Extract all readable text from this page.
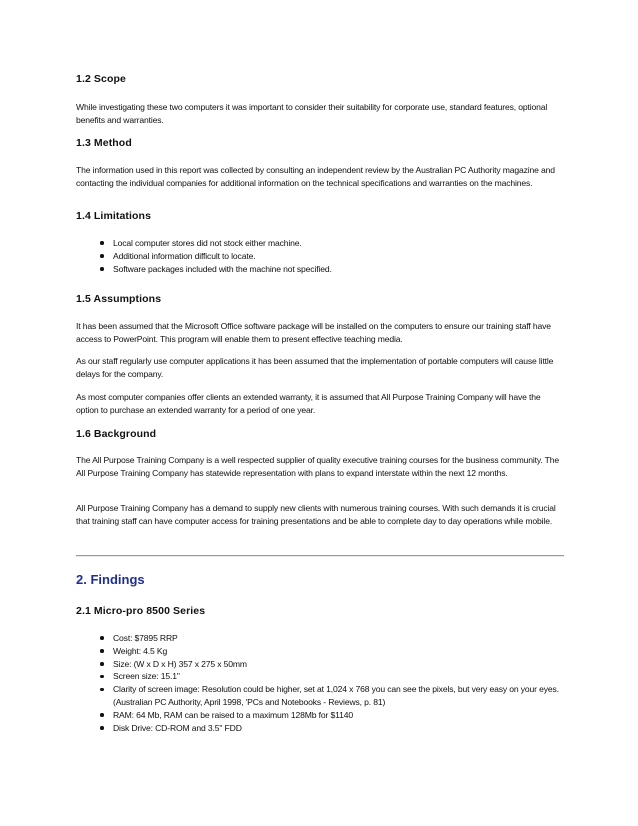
1.2 Scope
While investigating these two computers it was important to consider their suitability for corporate use, standard features, optional benefits and warranties.
1.3 Method
The information used in this report was collected by consulting an independent review by the Australian PC Authority magazine and contacting the individual companies for additional information on the technical specifications and warranties on the machines.
1.4 Limitations
Local computer stores did not stock either machine.
Additional information difficult to locate.
Software packages included with the machine not specified.
1.5 Assumptions
It has been assumed that the Microsoft Office software package will be installed on the computers to ensure our training staff have access to PowerPoint. This program will enable them to present effective teaching media.
As our staff regularly use computer applications it has been assumed that the implementation of portable computers will cause little delays for the company.
As most computer companies offer clients an extended warranty, it is assumed that All Purpose Training Company will have the option to purchase an extended warranty for a period of one year.
1.6 Background
The All Purpose Training Company is a well respected supplier of quality executive training courses for the business community. The All Purpose Training Company has statewide representation with plans to expand interstate within the next 12 months.
All Purpose Training Company has a demand to supply new clients with numerous training courses. With such demands it is crucial that training staff can have computer access for training presentations and be able to complete day to day operations while mobile.
2. Findings
2.1 Micro-pro 8500 Series
Cost: $7895 RRP
Weight: 4.5 Kg
Size: (W x D x H) 357 x 275 x 50mm
Screen size: 15.1"
Clarity of screen image: Resolution could be higher, set at 1,024 x 768 you can see the pixels, but very easy on your eyes. (Australian PC Authority, April 1998, 'PCs and Notebooks - Reviews, p. 81)
RAM: 64 Mb, RAM can be raised to a maximum 128Mb for $1140
Disk Drive: CD-ROM and 3.5" FDD
